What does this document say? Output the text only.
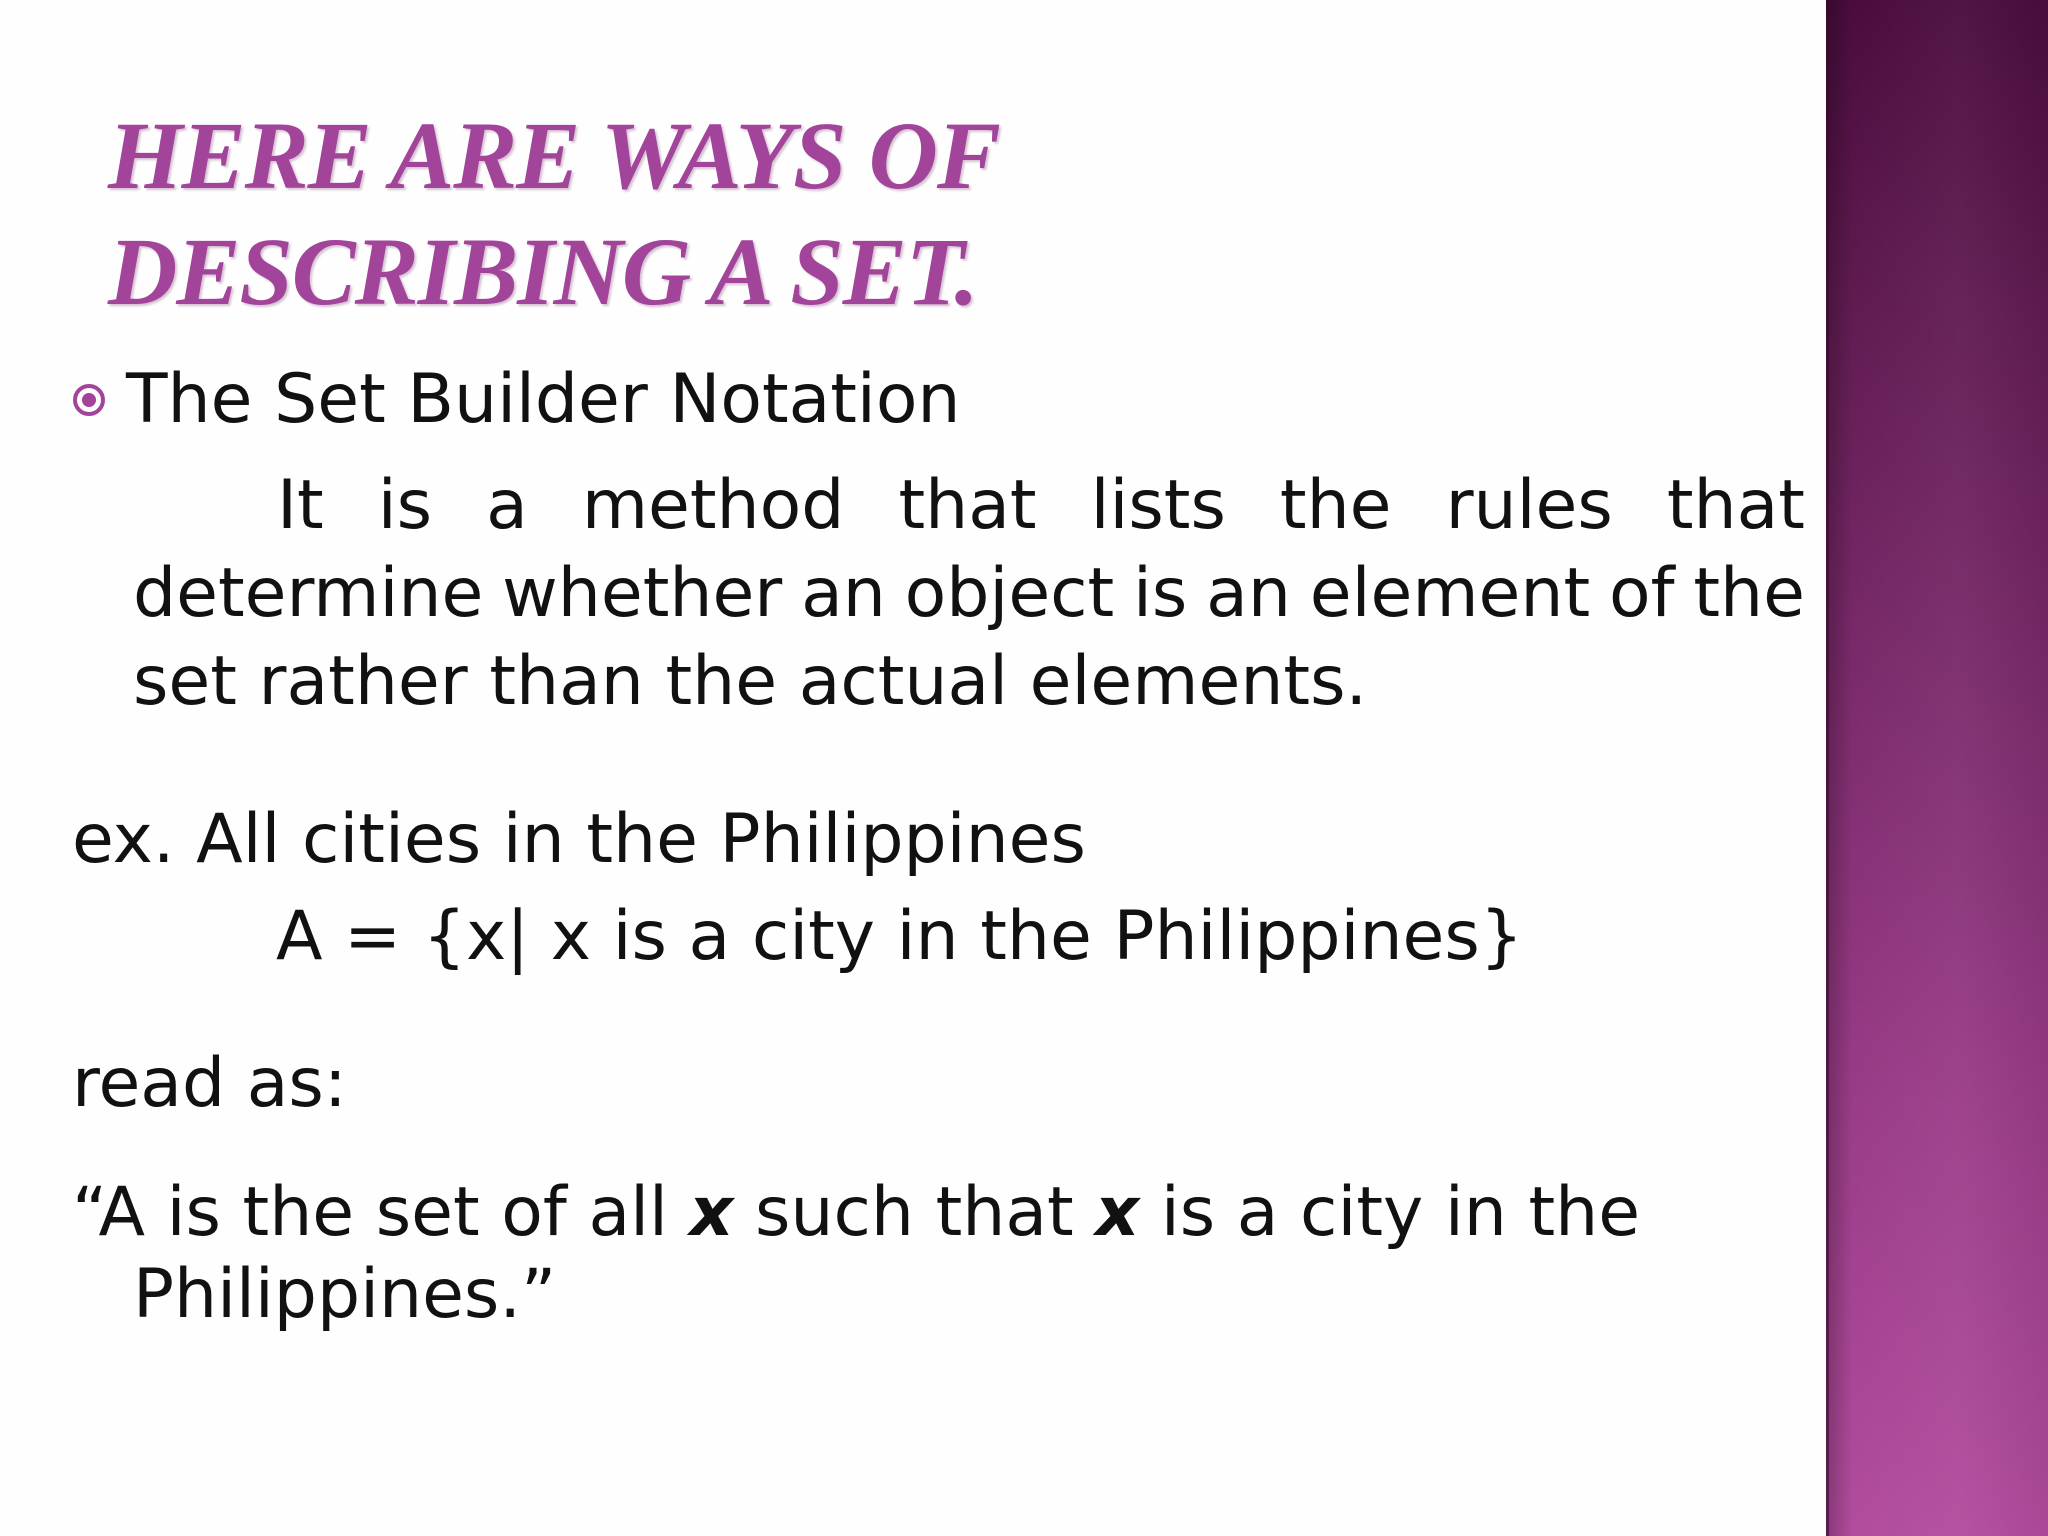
HERE ARE WAYS OF
DESCRIBING A SET.
The Set Builder Notation
It is a method that lists the rules that
determine whether an object is an element of the
set rather than the actual elements.
ex. All cities in the Philippines
A = {x| x is a city in the Philippines}
read as:

“A is the set of all x such that x is a city in the
Philippines.”
